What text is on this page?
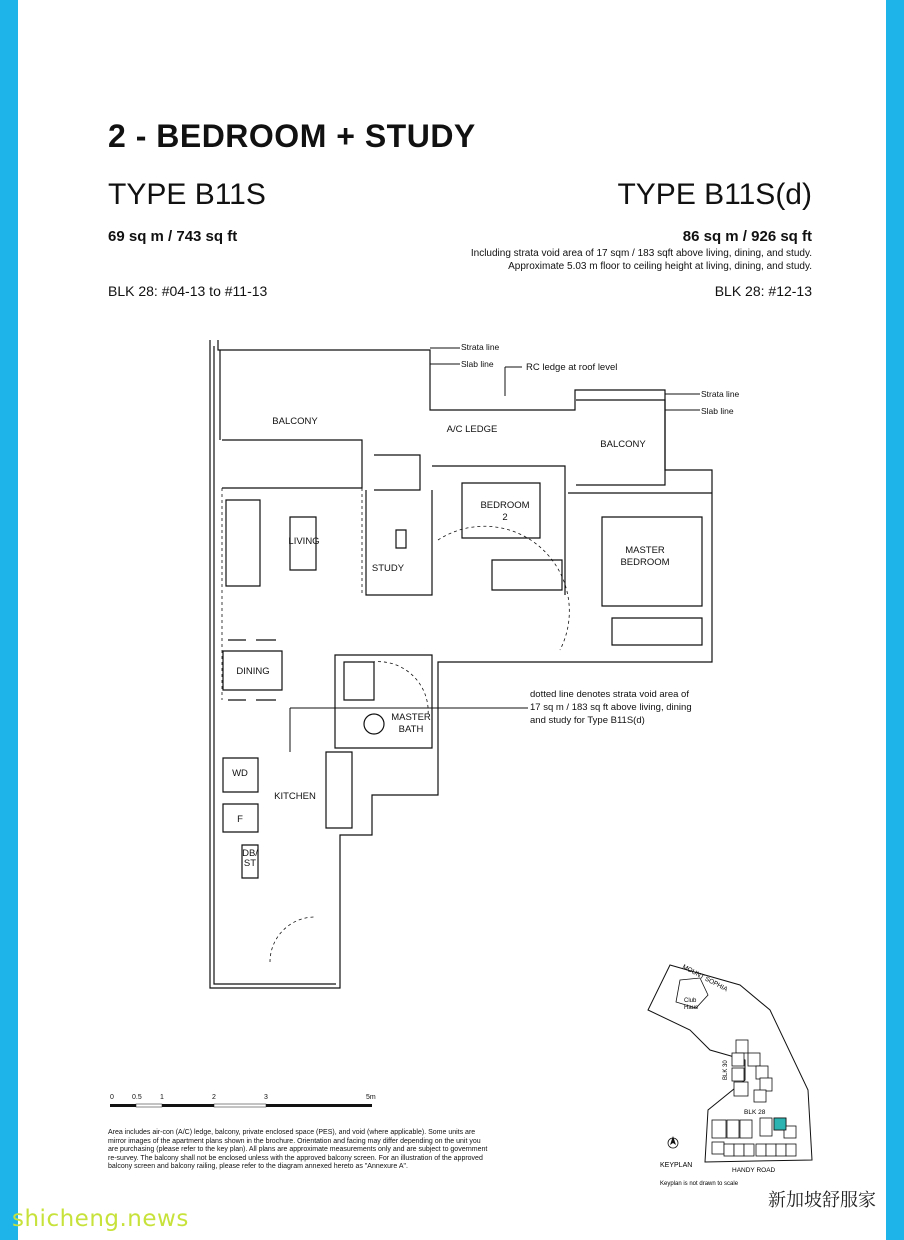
2 - BEDROOM + STUDY
TYPE B11S	TYPE B11S(d)
69 sq m / 743 sq ft	86 sq m / 926 sq ft
Including strata void area of 17 sqm / 183 sqft above living, dining, and study.
Approximate 5.03 m floor to ceiling height at living, dining, and study.
BLK 28: #04-13 to #11-13	BLK 28: #12-13
BALCONY
A/C LEDGE
BALCONY
BEDROOM
2
MASTER
BEDROOM
LIVING
STUDY
DINING
MASTER
BATH
WD
KITCHEN
F
DB/
ST
Strata line
Slab line
Strata line
Slab line
RC ledge at roof level
dotted line denotes strata void area of
17 sq m / 183 sq ft above living, dining
and study for Type B11S(d)
0	0.5	1	2	3	5m
MOUNT SOPHIA
Club
Haus
BLK 30
BLK 28
HANDY ROAD
KEYPLAN
Keyplan is not drawn to scale
Area includes air-con (A/C) ledge, balcony, private enclosed space (PES), and void (where applicable). Some units are mirror images of the apartment plans shown in the brochure. Orientation and facing may differ depending on the unit you are purchasing (please refer to the key plan). All plans are approximate measurements only and are subject to government re-survey. The balcony shall not be enclosed unless with the approved balcony screen. For an illustration of the approved balcony screen and balcony railing, please refer to the diagram annexed hereto as "Annexure A".
shicheng.news
新加坡舒服家
